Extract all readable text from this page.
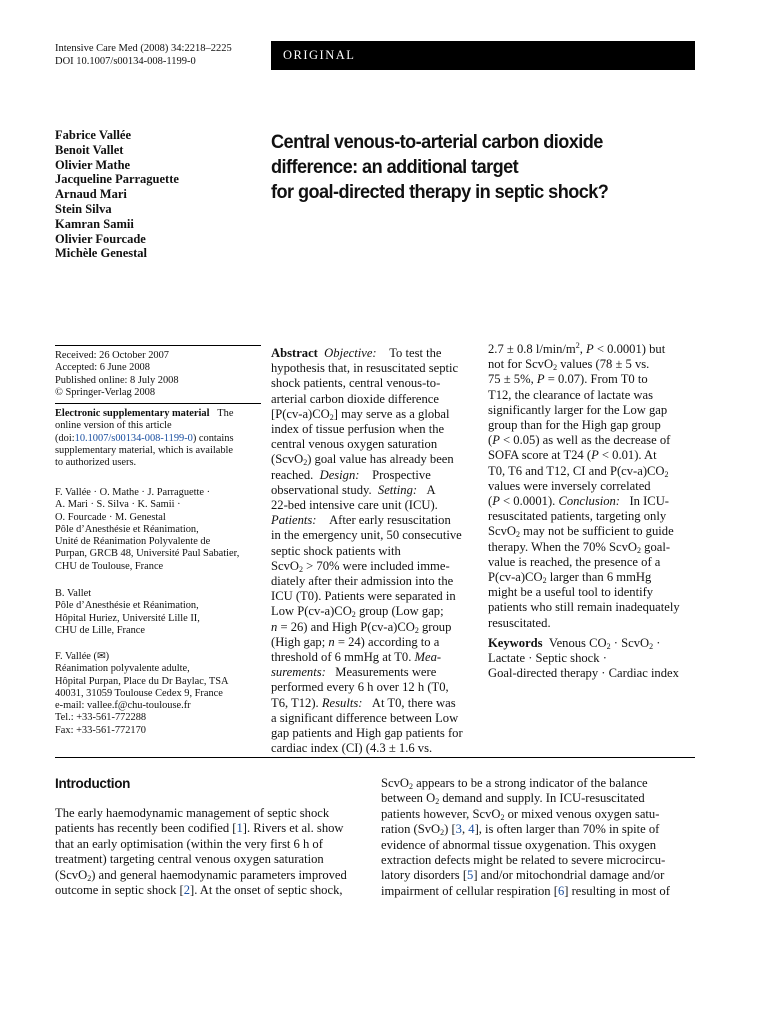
Intensive Care Med (2008) 34:2218–2225
DOI 10.1007/s00134-008-1199-0	ORIGINAL
Fabrice Vallée
Benoit Vallet
Olivier Mathe
Jacqueline Parraguette
Arnaud Mari
Stein Silva
Kamran Samii
Olivier Fourcade
Michèle Genestal
Central venous-to-arterial carbon dioxide
difference: an additional target
for goal-directed therapy in septic shock?
Received: 26 October 2007
Accepted: 6 June 2008
Published online: 8 July 2008
© Springer-Verlag 2008
Electronic supplementary material The
online version of this article
(doi:10.1007/s00134-008-1199-0) contains
supplementary material, which is available
to authorized users.
F. Vallée · O. Mathe · J. Parraguette ·
A. Mari · S. Silva · K. Samii ·
O. Fourcade · M. Genestal
Pôle d’Anesthésie et Réanimation,
Unité de Réanimation Polyvalente de
Purpan, GRCB 48, Université Paul Sabatier,
CHU de Toulouse, France
B. Vallet
Pôle d’Anesthésie et Réanimation,
Hôpital Huriez, Université Lille II,
CHU de Lille, France
F. Vallée (✉)
Réanimation polyvalente adulte,
Hôpital Purpan, Place du Dr Baylac, TSA
40031, 31059 Toulouse Cedex 9, France
e-mail: vallee.f@chu-toulouse.fr
Tel.: +33-561-772288
Fax: +33-561-772170
Abstract Objective: To test the
hypothesis that, in resuscitated septic
shock patients, central venous-to-
arterial carbon dioxide difference
$[P(cv-a)CO_2]$ may serve as a global
index of tissue perfusion when the
central venous oxygen saturation
(ScvO$_2$) goal value has already been
reached. Design: Prospective
observational study. Setting: A
22-bed intensive care unit (ICU).
Patients: After early resuscitation
in the emergency unit, 50 consecutive
septic shock patients with
ScvO$_2$ > 70% were included imme-
diately after their admission into the
ICU (T0). Patients were separated in
Low $P(cv-a)CO_2$ group (Low gap;
n = 26) and High $P(cv-a)CO_2$ group
(High gap; n = 24) according to a
threshold of 6 mmHg at T0. Mea-
surements: Measurements were
performed every 6 h over 12 h (T0,
T6, T12). Results: At T0, there was
a significant difference between Low
gap patients and High gap patients for
cardiac index (CI) (4.3 ± 1.6 vs.
2.7 ± 0.8 $l/\min/m^2$, P < 0.0001) but
not for ScvO$_2$ values (78 ± 5 vs.
75 ± 5%, P = 0.07). From T0 to
T12, the clearance of lactate was
significantly larger for the Low gap
group than for the High gap group
(P < 0.05) as well as the decrease of
SOFA score at T24 (P < 0.01). At
T0, T6 and T12, CI and $P(cv-a)CO_2$
values were inversely correlated
(P < 0.0001). Conclusion: In ICU-
resuscitated patients, targeting only
ScvO$_2$ may not be sufficient to guide
therapy. When the 70% ScvO$_2$ goal-
value is reached, the presence of a
$P(cv-a)CO_2$ larger than 6 mmHg
might be a useful tool to identify
patients who still remain inadequately
resuscitated.
Keywords Venous $CO_2$ · ScvO$_2$ ·
Lactate · Septic shock ·
Goal-directed therapy · Cardiac index
Introduction
The early haemodynamic management of septic shock
patients has recently been codified [1]. Rivers et al. show
that an early optimisation (within the very first 6 h of
treatment) targeting central venous oxygen saturation
(ScvO$_2$) and general haemodynamic parameters improved
outcome in septic shock [2]. At the onset of septic shock,
ScvO$_2$ appears to be a strong indicator of the balance
between $O_2$ demand and supply. In ICU-resuscitated
patients however, ScvO$_2$ or mixed venous oxygen satu-
ration (SvO$_2$) [3, 4], is often larger than 70% in spite of
evidence of abnormal tissue oxygenation. This oxygen
extraction defects might be related to severe microcircu-
latory disorders [5] and/or mitochondrial damage and/or
impairment of cellular respiration [6] resulting in most of
